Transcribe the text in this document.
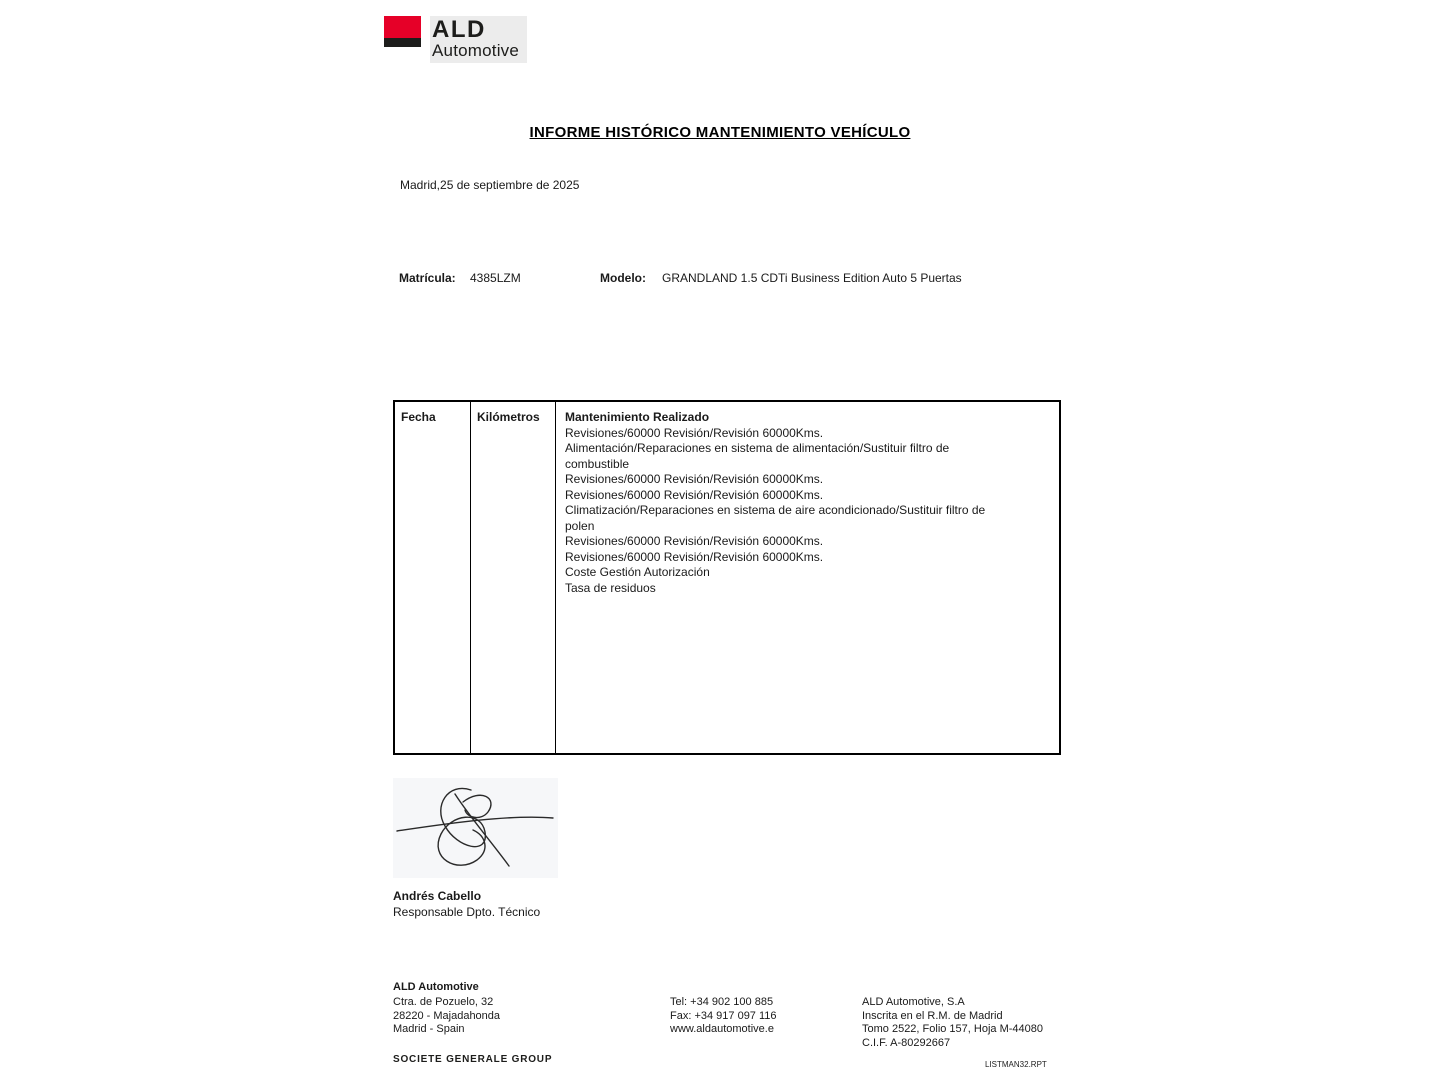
ALD
Automotive
INFORME HISTÓRICO MANTENIMIENTO VEHÍCULO
Madrid,25 de septiembre de 2025
Matrícula: 4385LZM	Modelo: GRANDLAND 1.5 CDTi Business Edition Auto 5 Puertas
Fecha	Kilómetros	Mantenimiento Realizado
Revisiones/60000 Revisión/Revisión 60000Kms.
Alimentación/Reparaciones en sistema de alimentación/Sustituir filtro de
combustible
Revisiones/60000 Revisión/Revisión 60000Kms.
Revisiones/60000 Revisión/Revisión 60000Kms.
Climatización/Reparaciones en sistema de aire acondicionado/Sustituir filtro de
polen
Revisiones/60000 Revisión/Revisión 60000Kms.
Revisiones/60000 Revisión/Revisión 60000Kms.
Coste Gestión Autorización
Tasa de residuos
Andrés Cabello
Responsable Dpto. Técnico
ALD Automotive
Ctra. de Pozuelo, 32
28220 - Majadahonda
Madrid - Spain
Tel: +34 902 100 885
Fax: +34 917 097 116
www.aldautomotive.e
ALD Automotive, S.A
Inscrita en el R.M. de Madrid
Tomo 2522, Folio 157, Hoja M-44080
C.I.F. A-80292667
SOCIETE GENERALE GROUP	LISTMAN32.RPT
